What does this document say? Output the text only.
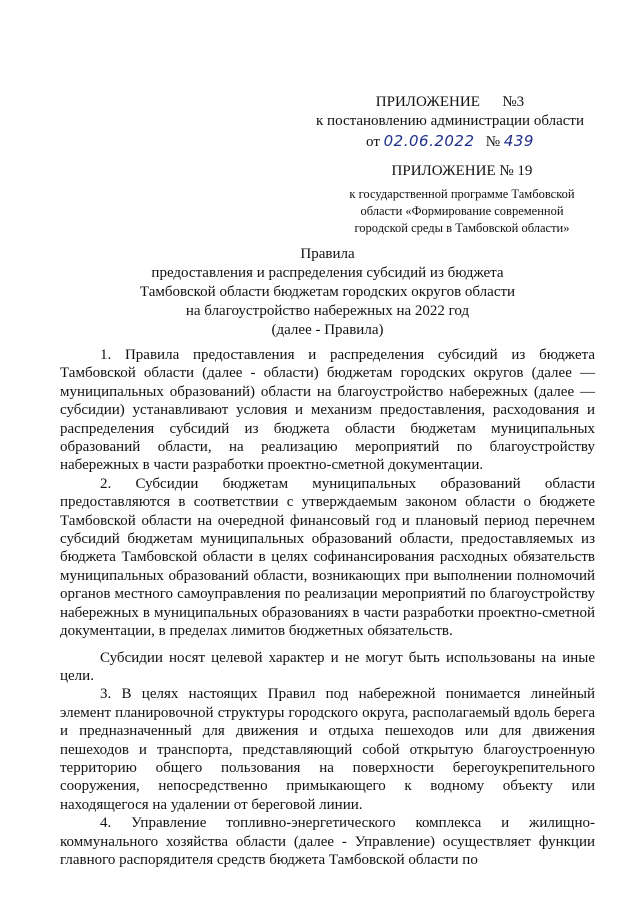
ПРИЛОЖЕНИЕ      №3
к постановлению администрации области
от 02.06.2022 № 439
ПРИЛОЖЕНИЕ № 19
к государственной программе Тамбовской
области «Формирование современной
городской среды в Тамбовской области»
Правила
предоставления и распределения субсидий из бюджета
Тамбовской области бюджетам городских округов области
на благоустройство набережных на 2022 год
(далее - Правила)

1. Правила предоставления и распределения субсидий из бюджета Тамбовской области (далее - области) бюджетам городских округов (далее — муниципальных образований) области на благоустройство набережных (далее — субсидии) устанавливают условия и механизм предоставления, расходования и распределения субсидий из бюджета области бюджетам муниципальных образований области, на реализацию мероприятий по благоустройству набережных в части разработки проектно-сметной документации.

2. Субсидии бюджетам муниципальных образований области предоставляются в соответствии с утверждаемым законом области о бюджете Тамбовской области на очередной финансовый год и плановый период перечнем субсидий бюджетам муниципальных образований области, предоставляемых из бюджета Тамбовской области в целях софинансирования расходных обязательств муниципальных образований области, возникающих при выполнении полномочий органов местного самоуправления по реализации мероприятий по благоустройству набережных в муниципальных образованиях в части разработки проектно-сметной документации, в пределах лимитов бюджетных обязательств.

Субсидии носят целевой характер и не могут быть использованы на иные цели.

3. В целях настоящих Правил под набережной понимается линейный элемент планировочной структуры городского округа, располагаемый вдоль берега и предназначенный для движения и отдыха пешеходов или для движения пешеходов и транспорта, представляющий собой открытую благоустроенную территорию общего пользования на поверхности берегоукрепительного сооружения, непосредственно примыкающего к водному объекту или находящегося на удалении от береговой линии.

4. Управление топливно-энергетического комплекса и жилищно-коммунального хозяйства области (далее - Управление) осуществляет функции главного распорядителя средств бюджета Тамбовской области по
